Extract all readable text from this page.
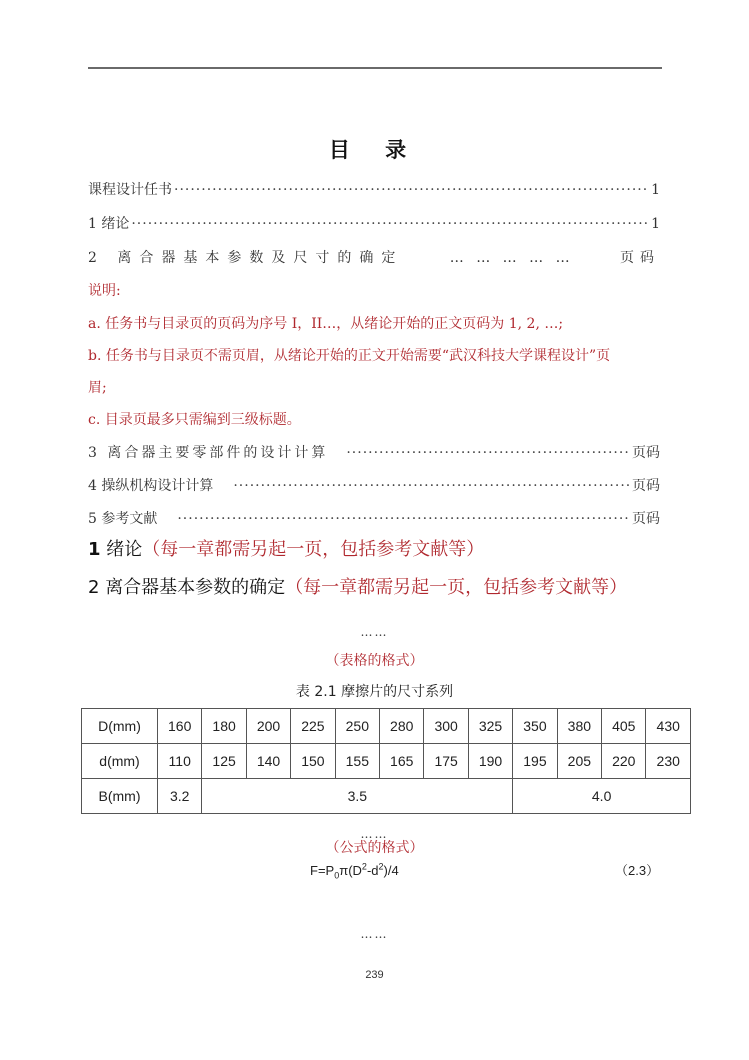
目 录
课程设计任书 ·····	1
1 绪论 ·····	1
2 离合器基本参数及尺寸的确定	… … … … …	页码
说明:
a. 任务书与目录页的页码为序号 I，II…，从绪论开始的正文页码为 1, 2, …;
b. 任务书与目录页不需页眉，从绪论开始的正文开始需要“武汉科技大学课程设计”页
眉;
c. 目录页最多只需编到三级标题。
3 离合器主要零部件的设计计算 ·····	页码
4 操纵机构设计计算 ·····	页码
5 参考文献 ·····	页码
1 绪论（每一章都需另起一页，包括参考文献等）
2 离合器基本参数的确定（每一章都需另起一页，包括参考文献等）
……
（表格的格式）
表 2.1 摩擦片的尺寸系列
D(mm)	160	180	200	225	250	280	300	325	350	380	405	430
d(mm)	110	125	140	150	155	165	175	190	195	205	220	230
B(mm)	3.2	3.5							4.0			
……
（公式的格式）
$F=P_0\pi(D^2-d^2)/4$	（2.3）
……
239
